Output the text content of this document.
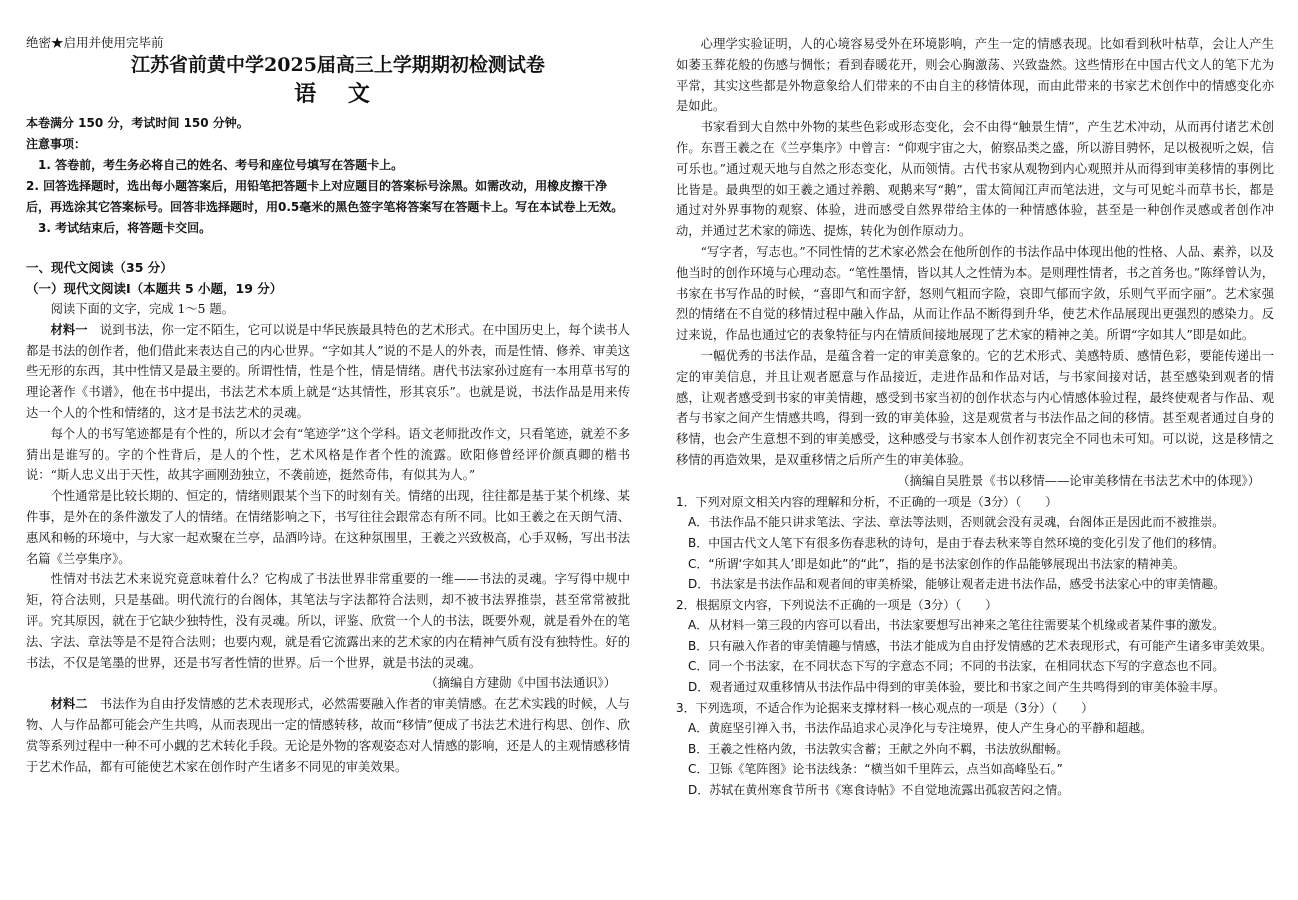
绝密★启用并使用完毕前
江苏省前黄中学2025届高三上学期期初检测试卷
语 文
本卷满分 150 分，考试时间 150 分钟。
注意事项：
1. 答卷前，考生务必将自己的姓名、考号和座位号填写在答题卡上。
2. 回答选择题时，选出每小题答案后，用铅笔把答题卡上对应题目的答案标号涂黑。如需改动，用橡皮擦干净后，再选涂其它答案标号。回答非选择题时，用0.5毫米的黑色签字笔将答案写在答题卡上。写在本试卷上无效。
3. 考试结束后，将答题卡交回。
一、现代文阅读（35 分）
（一）现代文阅读Ⅰ（本题共 5 小题，19 分）

阅读下面的文字，完成 1～5 题。

材料一　 说到书法，你一定不陌生，它可以说是中华民族最具特色的艺术形式。在中国历史上，每个读书人都是书法的创作者，他们借此来表达自己的内心世界。“字如其人”说的不是人的外表，而是性情、修养、审美这些无形的东西，其中性情又是最主要的。所谓性情，性是个性，情是情绪。唐代书法家孙过庭有一本用草书写的理论著作《书谱》，他在书中提出，书法艺术本质上就是“达其情性，形其哀乐”。也就是说，书法作品是用来传达一个人的个性和情绪的，这才是书法艺术的灵魂。

每个人的书写笔迹都是有个性的，所以才会有“笔迹学”这个学科。语文老师批改作文，只看笔迹，就差不多猜出是谁写的。字的个性背后，是人的个性，艺术风格是作者个性的流露。欧阳修曾经评价颜真卿的楷书说：“斯人忠义出于天性，故其字画刚劲独立，不袭前迹，挺然奇伟，有似其为人。”

个性通常是比较长期的、恒定的，情绪则跟某个当下的时刻有关。情绪的出现，往往都是基于某个机缘、某件事，是外在的条件激发了人的情绪。在情绪影响之下，书写往往会跟常态有所不同。比如王羲之在天朗气清、惠风和畅的环境中，与大家一起欢聚在兰亭，品酒吟诗。在这种氛围里，王羲之兴致极高，心手双畅，写出书法名篇《兰亭集序》。

性情对书法艺术来说究竟意味着什么？它构成了书法世界非常重要的一维——书法的灵魂。字写得中规中矩，符合法则，只是基础。明代流行的台阁体，其笔法与字法都符合法则，却不被书法界推崇，甚至常常被批评。究其原因，就在于它缺少独特性，没有灵魂。所以，评鉴、欣赏一个人的书法，既要外观，就是看外在的笔法、字法、章法等是不是符合法则；也要内观，就是看它流露出来的艺术家的内在精神气质有没有独特性。好的书法，不仅是笔墨的世界，还是书写者性情的世界。后一个世界，就是书法的灵魂。

（摘编自方建勋《中国书法通识》）

材料二　 书法作为自由抒发情感的艺术表现形式，必然需要融入作者的审美情感。在艺术实践的时候，人与物、人与作品都可能会产生共鸣，从而表现出一定的情感转移，故而“移情”便成了书法艺术进行构思、创作、欣赏等系列过程中一种不可小觑的艺术转化手段。无论是外物的客观姿态对人情感的影响，还是人的主观情感移情于艺术作品，都有可能使艺术家在创作时产生诸多不同见的审美效果。

心理学实验证明，人的心境容易受外在环境影响，产生一定的情感表现。比如看到秋叶枯草，会让人产生如萎玉葬花般的伤感与惆怅；看到春暖花开，则会心胸激荡、兴致盎然。这些情形在中国古代文人的笔下尤为平常，其实这些都是外物意象给人们带来的不由自主的移情体现，而由此带来的书家艺术创作中的情感变化亦是如此。

书家看到大自然中外物的某些色彩或形态变化，会不由得“触景生情”，产生艺术冲动，从而再付诸艺术创作。东晋王羲之在《兰亭集序》中曾言：“仰观宇宙之大，俯察品类之盛，所以游目骋怀，足以极视听之娱，信可乐也。”通过观天地与自然之形态变化，从而领情。古代书家从观物到内心观照并从而得到审美移情的事例比比皆是。最典型的如王羲之通过养鹅、观鹅来写“鹅”，雷太简闻江声而笔法进，文与可见蛇斗而草书长，都是通过对外界事物的观察、体验，进而感受自然界带给主体的一种情感体验，甚至是一种创作灵感或者创作冲动，并通过艺术家的筛选、提炼，转化为创作原动力。

“写字者，写志也。”不同性情的艺术家必然会在他所创作的书法作品中体现出他的性格、人品、素养，以及他当时的创作环境与心理动态。“笔性墨情，皆以其人之性情为本。是则理性情者，书之首务也。”陈绎曾认为，书家在书写作品的时候，“喜即气和而字舒，怒则气粗而字险，哀即气郁而字敛，乐则气平而字丽”。艺术家强烈的情绪在不自觉的移情过程中融入作品，从而让作品不断得到升华，使艺术作品展现出更强烈的感染力。反过来说，作品也通过它的表象特征与内在情质间接地展现了艺术家的精神之美。所谓“字如其人”即是如此。

一幅优秀的书法作品，是蕴含着一定的审美意象的。它的艺术形式、美感特质、感情色彩，要能传递出一定的审美信息，并且让观者愿意与作品接近，走进作品和作品对话，与书家间接对话，甚至感染到观者的情感，让观者感受到书家的审美情趣，感受到书家当初的创作状态与内心情感体验过程，最终使观者与作品、观者与书家之间产生情感共鸣，得到一致的审美体验，这是观赏者与书法作品之间的移情。甚至观者通过自身的移情，也会产生意想不到的审美感受，这种感受与书家本人创作初衷完全不同也未可知。可以说，这是移情之移情的再造效果，是双重移情之后所产生的审美体验。

（摘编自吴胜景《书以移情——论审美移情在书法艺术中的体现》）
1．下列对原文相关内容的理解和分析，不正确的一项是（3分）（　　）
A．书法作品不能只讲求笔法、字法、章法等法则，否则就会没有灵魂，台阁体正是因此而不被推崇。
B．中国古代文人笔下有很多伤春悲秋的诗句，是由于春去秋来等自然环境的变化引发了他们的移情。
C．“所谓‘字如其人’即是如此”的“此”，指的是书法家创作的作品能够展现出书法家的精神美。
D．书法家是书法作品和观者间的审美桥梁，能够让观者走进书法作品，感受书法家心中的审美情趣。
2．根据原文内容，下列说法不正确的一项是（3分）（　　）
A．从材料一第三段的内容可以看出，书法家要想写出神来之笔往往需要某个机缘或者某件事的激发。
B．只有融入作者的审美情趣与情感，书法才能成为自由抒发情感的艺术表现形式，有可能产生诸多审美效果。
C．同一个书法家，在不同状态下写的字意态不同；不同的书法家，在相同状态下写的字意态也不同。
D．观者通过双重移情从书法作品中得到的审美体验，要比和书家之间产生共鸣得到的审美体验丰厚。
3．下列选项，不适合作为论据来支撑材料一核心观点的一项是（3分）（　　）
A．黄庭坚引禅入书，书法作品追求心灵净化与专注境界，使人产生身心的平静和超越。
B．王羲之性格内敛，书法敦实含蓄；王献之外向不羁，书法放纵酣畅。
C．卫铄《笔阵图》论书法线条：“横当如千里阵云，点当如高峰坠石。”
D．苏轼在黄州寒食节所书《寒食诗帖》不自觉地流露出孤寂苦闷之情。
